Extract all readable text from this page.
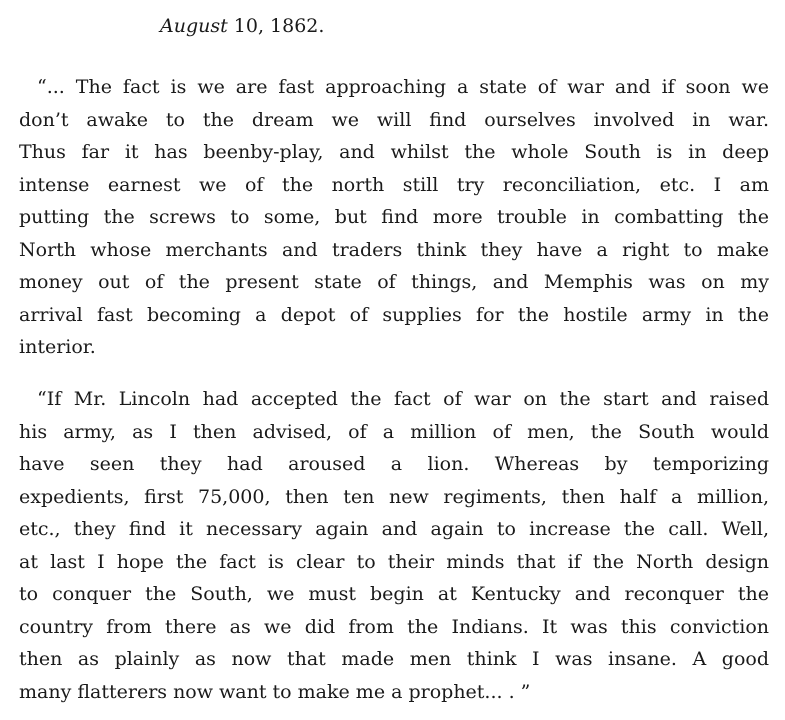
August 10, 1862.

“... The fact is we are fast approaching a state of war and if soon we
don’t awake to the dream we will find ourselves involved in war.
Thus far it has beenby-play, and whilst the whole South is in deep
intense earnest we of the north still try reconciliation, etc. I am
putting the screws to some, but find more trouble in combatting the
North whose merchants and traders think they have a right to make
money out of the present state of things, and Memphis was on my
arrival fast becoming a depot of supplies for the hostile army in the
interior.

“If Mr. Lincoln had accepted the fact of war on the start and raised
his army, as I then advised, of a million of men, the South would
have seen they had aroused a lion. Whereas by temporizing
expedients, first 75,000, then ten new regiments, then half a million,
etc., they find it necessary again and again to increase the call. Well,
at last I hope the fact is clear to their minds that if the North design
to conquer the South, we must begin at Kentucky and reconquer the
country from there as we did from the Indians. It was this conviction
then as plainly as now that made men think I was insane. A good
many flatterers now want to make me a prophet... . ”
